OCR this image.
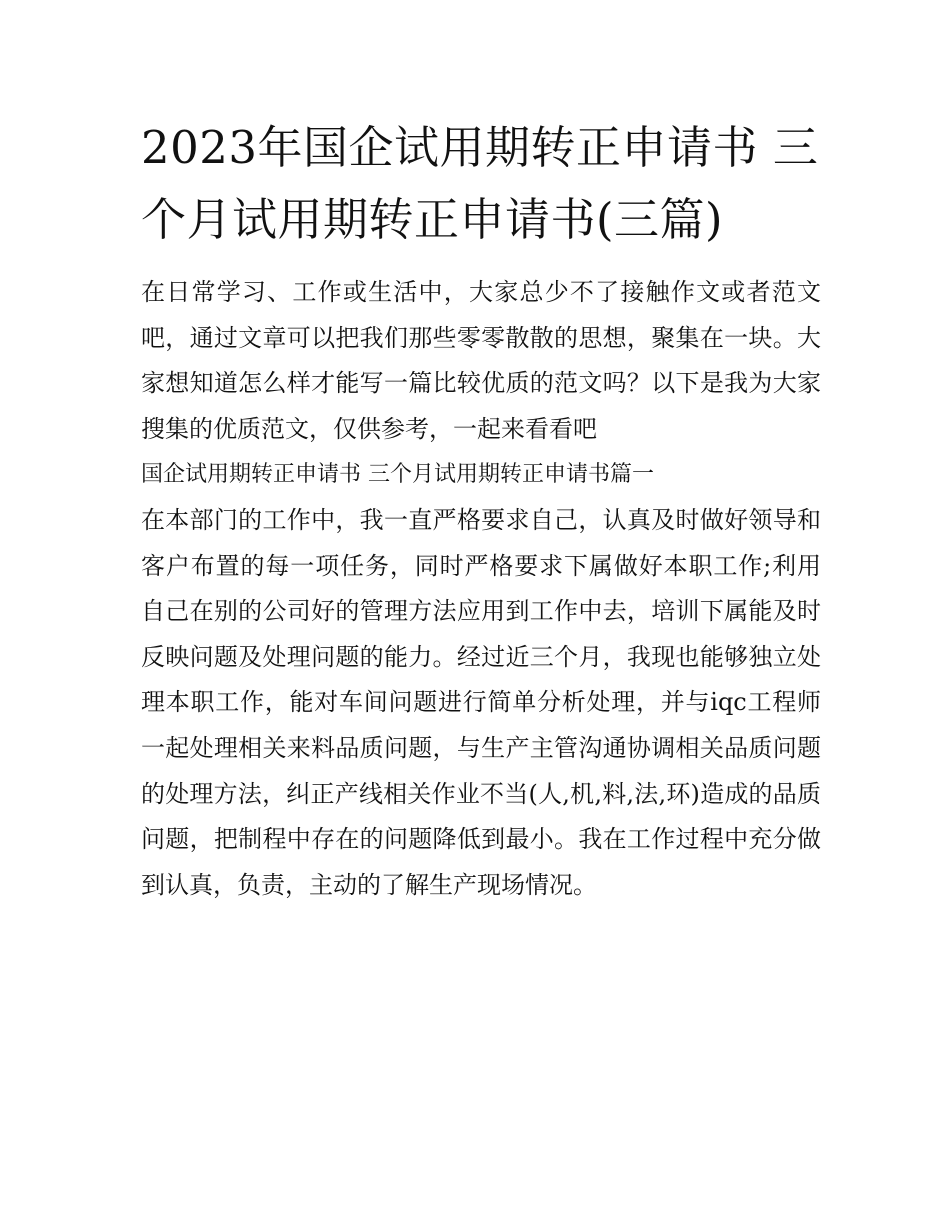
2023年国企试用期转正申请书 三个月试用期转正申请书(三篇)

在日常学习、工作或生活中，大家总少不了接触作文或者范文吧，通过文章可以把我们那些零零散散的思想，聚集在一块。大家想知道怎么样才能写一篇比较优质的范文吗？以下是我为大家搜集的优质范文，仅供参考，一起来看看吧

国企试用期转正申请书 三个月试用期转正申请书篇一

在本部门的工作中，我一直严格要求自己，认真及时做好领导和客户布置的每一项任务，同时严格要求下属做好本职工作;利用自己在别的公司好的管理方法应用到工作中去，培训下属能及时反映问题及处理问题的能力。经过近三个月，我现也能够独立处理本职工作，能对车间问题进行简单分析处理，并与iqc工程师一起处理相关来料品质问题，与生产主管沟通协调相关品质问题的处理方法，纠正产线相关作业不当(人,机,料,法,环)造成的品质问题，把制程中存在的问题降低到最小。我在工作过程中充分做到认真，负责，主动的了解生产现场情况。
